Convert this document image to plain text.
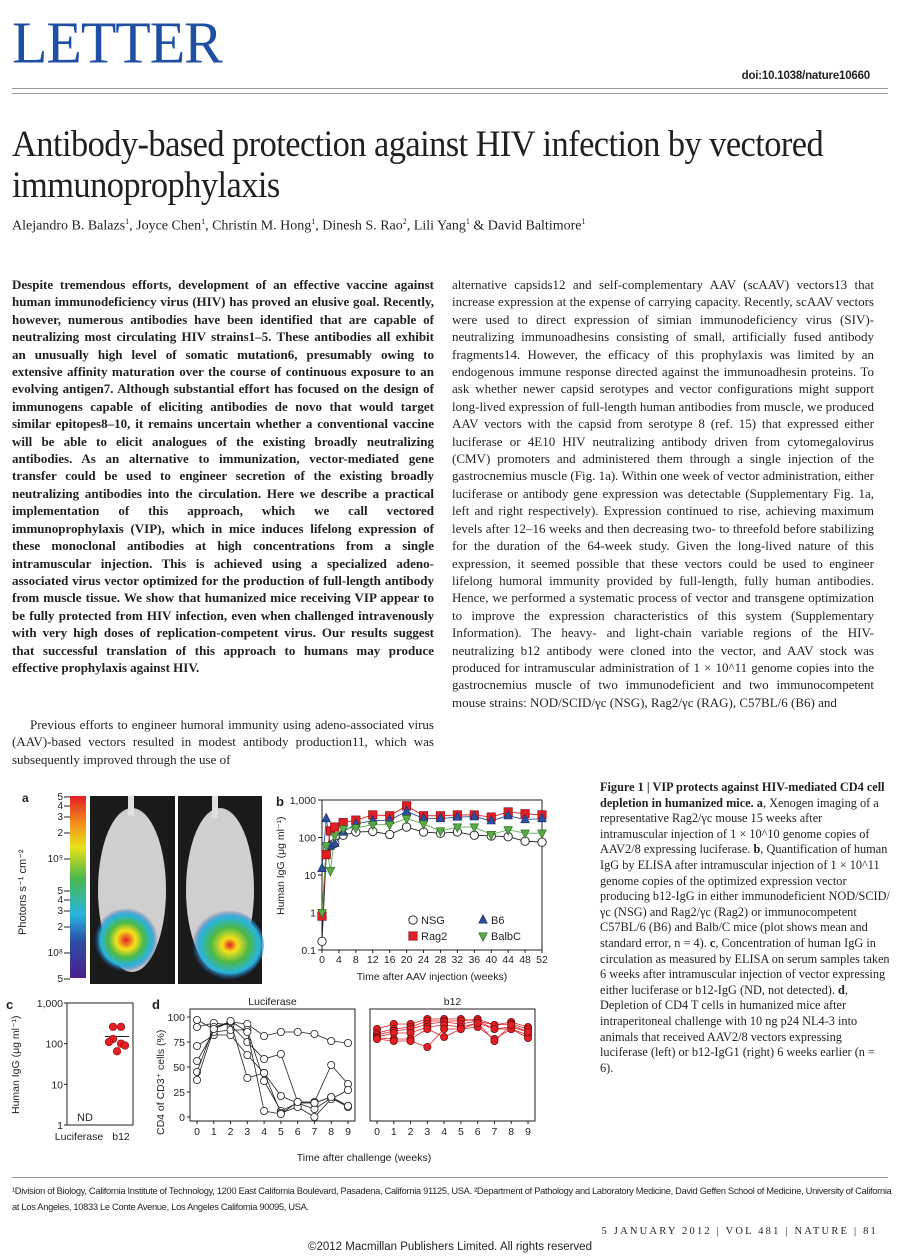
LETTER
doi:10.1038/nature10660
Antibody-based protection against HIV infection by vectored immunoprophylaxis
Alejandro B. Balazs$^1$, Joyce Chen$^1$, Christin M. Hong$^1$, Dinesh S. Rao$^2$, Lili Yang$^1$ & David Baltimore$^1$

Despite tremendous efforts, development of an effective vaccine against human immunodeficiency virus (HIV) has proved an elusive goal. Recently, however, numerous antibodies have been identified that are capable of neutralizing most circulating HIV strains1–5. These antibodies all exhibit an unusually high level of somatic mutation6, presumably owing to extensive affinity maturation over the course of continuous exposure to an evolving antigen7. Although substantial effort has focused on the design of immunogens capable of eliciting antibodies de novo that would target similar epitopes8–10, it remains uncertain whether a conventional vaccine will be able to elicit analogues of the existing broadly neutralizing antibodies. As an alternative to immunization, vector-mediated gene transfer could be used to engineer secretion of the existing broadly neutralizing antibodies into the circulation. Here we describe a practical implementation of this approach, which we call vectored immunoprophylaxis (VIP), which in mice induces lifelong expression of these monoclonal antibodies at high concentrations from a single intramuscular injection. This is achieved using a specialized adeno-associated virus vector optimized for the production of full-length antibody from muscle tissue. We show that humanized mice receiving VIP appear to be fully protected from HIV infection, even when challenged intravenously with very high doses of replication-competent virus. Our results suggest that successful translation of this approach to humans may produce effective prophylaxis against HIV.

Previous efforts to engineer humoral immunity using adeno-associated virus (AAV)-based vectors resulted in modest antibody production11, which was subsequently improved through the use of

alternative capsids12 and self-complementary AAV (scAAV) vectors13 that increase expression at the expense of carrying capacity. Recently, scAAV vectors were used to direct expression of simian immunodeficiency virus (SIV)-neutralizing immunoadhesins consisting of small, artificially fused antibody fragments14. However, the efficacy of this prophylaxis was limited by an endogenous immune response directed against the immunoadhesin proteins. To ask whether newer capsid serotypes and vector configurations might support long-lived expression of full-length human antibodies from muscle, we produced AAV vectors with the capsid from serotype 8 (ref. 15) that expressed either luciferase or 4E10 HIV neutralizing antibody driven from cytomegalovirus (CMV) promoters and administered them through a single injection of the gastrocnemius muscle (Fig. 1a). Within one week of vector administration, either luciferase or antibody gene expression was detectable (Supplementary Fig. 1a, left and right respectively). Expression continued to rise, achieving maximum levels after 12–16 weeks and then decreasing two- to threefold before stabilizing for the duration of the 64-week study. Given the long-lived nature of this expression, it seemed possible that these vectors could be used to engineer lifelong humoral immunity provided by full-length, fully human antibodies. Hence, we performed a systematic process of vector and transgene optimization to improve the expression characteristics of this system (Supplementary Information). The heavy- and light-chain variable regions of the HIV-neutralizing b12 antibody were cloned into the vector, and AAV stock was produced for intramuscular administration of 1 × 10^11 genome copies into the gastrocnemius muscle of two immunodeficient and two immunocompetent mouse strains: NOD/SCID/γc (NSG), Rag2/γc (RAG), C57BL/6 (B6) and

a
Photons s⁻¹ cm⁻²
5
4
3
2
10⁹
5
4
3
2
10⁸
5
b
0.1
1
10
100
1,000
0 4 8 12 16 20 24 28 32 36 40 44 48 52
Time after AAV injection (weeks)
Human IgG (μg ml⁻¹)
NSG	B6
Rag2	BalbC
c
1
10
100
1,000
Human IgG (μg ml⁻¹)
ND
Luciferase b12
d
CD4 of CD3⁺ cells (%)
Luciferase
0
25
50
75
100
0 1 2 3 4 5 6 7 8 9
b12
0 1 2 3 4 5 6 7 8 9
Time after challenge (weeks)
Figure 1 | VIP protects against HIV-mediated CD4 cell depletion in humanized mice. a, Xenogen imaging of a representative Rag2/γc mouse 15 weeks after intramuscular injection of 1 × 10^10 genome copies of AAV2/8 expressing luciferase. b, Quantification of human IgG by ELISA after intramuscular injection of 1 × 10^11 genome copies of the optimized expression vector producing b12-IgG in either immunodeficient NOD/SCID/γc (NSG) and Rag2/γc (Rag2) or immunocompetent C57BL/6 (B6) and Balb/C mice (plot shows mean and standard error, n = 4). c, Concentration of human IgG in circulation as measured by ELISA on serum samples taken 6 weeks after intramuscular injection of vector expressing either luciferase or b12-IgG (ND, not detected). d, Depletion of CD4 T cells in humanized mice after intraperitoneal challenge with 10 ng p24 NL4-3 into animals that received AAV2/8 vectors expressing luciferase (left) or b12-IgG1 (right) 6 weeks earlier (n = 6).
¹Division of Biology, California Institute of Technology, 1200 East California Boulevard, Pasadena, California 91125, USA. ²Department of Pathology and Laboratory Medicine, David Geffen School of Medicine, University of California at Los Angeles, 10833 Le Conte Avenue, Los Angeles California 90095, USA.
5 JANUARY 2012 | VOL 481 | NATURE | 81
©2012 Macmillan Publishers Limited. All rights reserved
